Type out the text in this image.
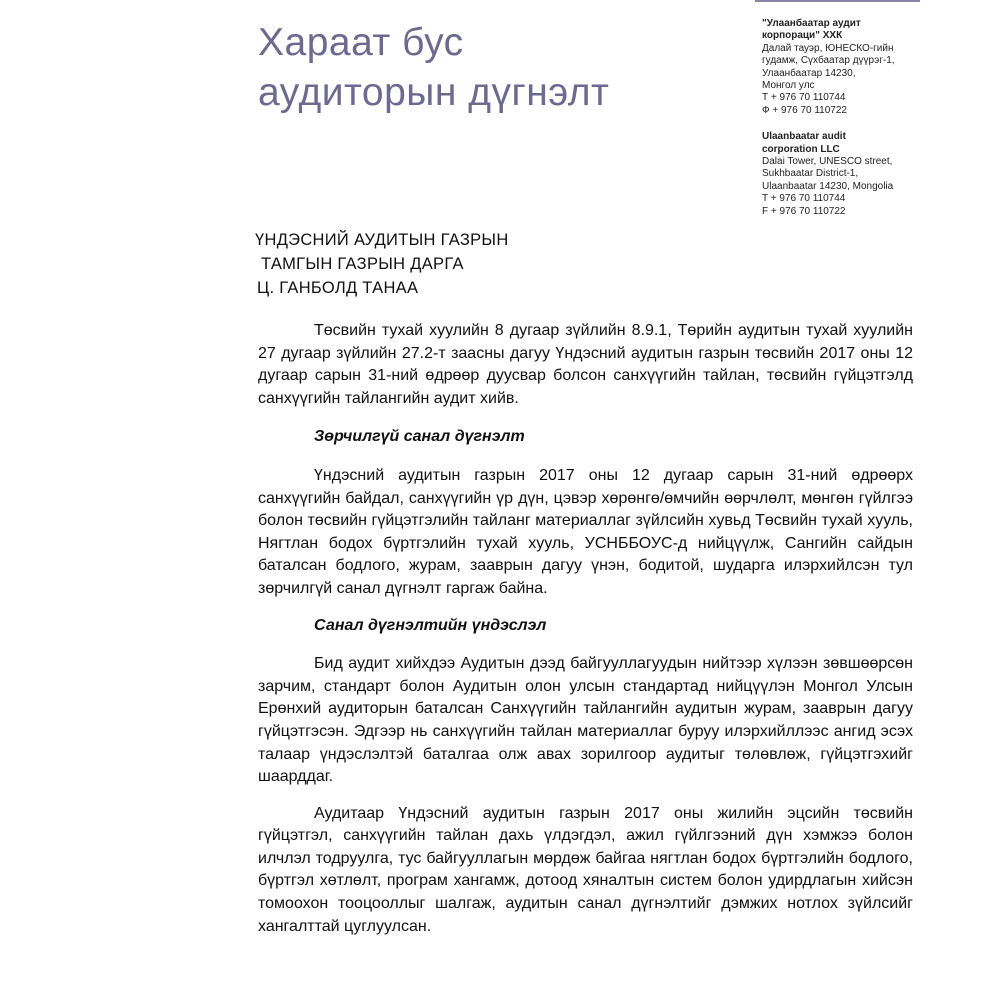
Хараат бус
аудиторын дүгнэлт
"Улаанбаатар аудит
корпораци" ХХК
Далай тауэр, ЮНЕСКО-гийн
гудамж, Сүхбаатар дүүрэг-1,
Улаанбаатар 14230,
Монгол улс
Т + 976 70 110744
Ф + 976 70 110722
Ulaanbaatar audit
corporation LLC
Dalai Tower, UNESCO street,
Sukhbaatar District-1,
Ulaanbaatar 14230, Mongolia
T + 976 70 110744
F + 976 70 110722
ҮНДЭСНИЙ АУДИТЫН ГАЗРЫН
ТАМГЫН ГАЗРЫН ДАРГА
Ц. ГАНБОЛД ТАНАА

Төсвийн тухай хуулийн 8 дугаар зүйлийн 8.9.1, Төрийн аудитын тухай хуулийн 27 дугаар зүйлийн 27.2-т заасны дагуу Үндэсний аудитын газрын төсвийн 2017 оны 12 дугаар сарын 31-ний өдрөөр дуусвар болсон санхүүгийн тайлан, төсвийн гүйцэтгэлд санхүүгийн тайлангийн аудит хийв.

Зөрчилгүй санал дүгнэлт

Үндэсний аудитын газрын 2017 оны 12 дугаар сарын 31-ний өдрөөрх санхүүгийн байдал, санхүүгийн үр дүн, цэвэр хөрөнгө/өмчийн өөрчлөлт, мөнгөн гүйлгээ болон төсвийн гүйцэтгэлийн тайланг материаллаг зүйлсийн хувьд Төсвийн тухай хууль, Нягтлан бодох бүртгэлийн тухай хууль, УСНББОУС-д нийцүүлж, Сангийн сайдын баталсан бодлого, журам, зааврын дагуу үнэн, бодитой, шударга илэрхийлсэн тул зөрчилгүй санал дүгнэлт гаргаж байна.

Санал дүгнэлтийн үндэслэл

Бид аудит хийхдээ Аудитын дээд байгууллагуудын нийтээр хүлээн зөвшөөрсөн зарчим, стандарт болон Аудитын олон улсын стандартад нийцүүлэн Монгол Улсын Ерөнхий аудиторын баталсан Санхүүгийн тайлангийн аудитын журам, зааврын дагуу гүйцэтгэсэн. Эдгээр нь санхүүгийн тайлан материаллаг буруу илэрхийллээс ангид эсэх талаар үндэслэлтэй баталгаа олж авах зорилгоор аудитыг төлөвлөж, гүйцэтгэхийг шаарддаг.

Аудитаар Үндэсний аудитын газрын 2017 оны жилийн эцсийн төсвийн гүйцэтгэл, санхүүгийн тайлан дахь үлдэгдэл, ажил гүйлгээний дүн хэмжээ болон илчлэл тодруулга, тус байгууллагын мөрдөж байгаа нягтлан бодох бүртгэлийн бодлого, бүртгэл хөтлөлт, програм хангамж, дотоод хяналтын систем болон удирдлагын хийсэн томоохон тооцооллыг шалгаж, аудитын санал дүгнэлтийг дэмжих нотлох зүйлсийг хангалттай цуглуулсан.
